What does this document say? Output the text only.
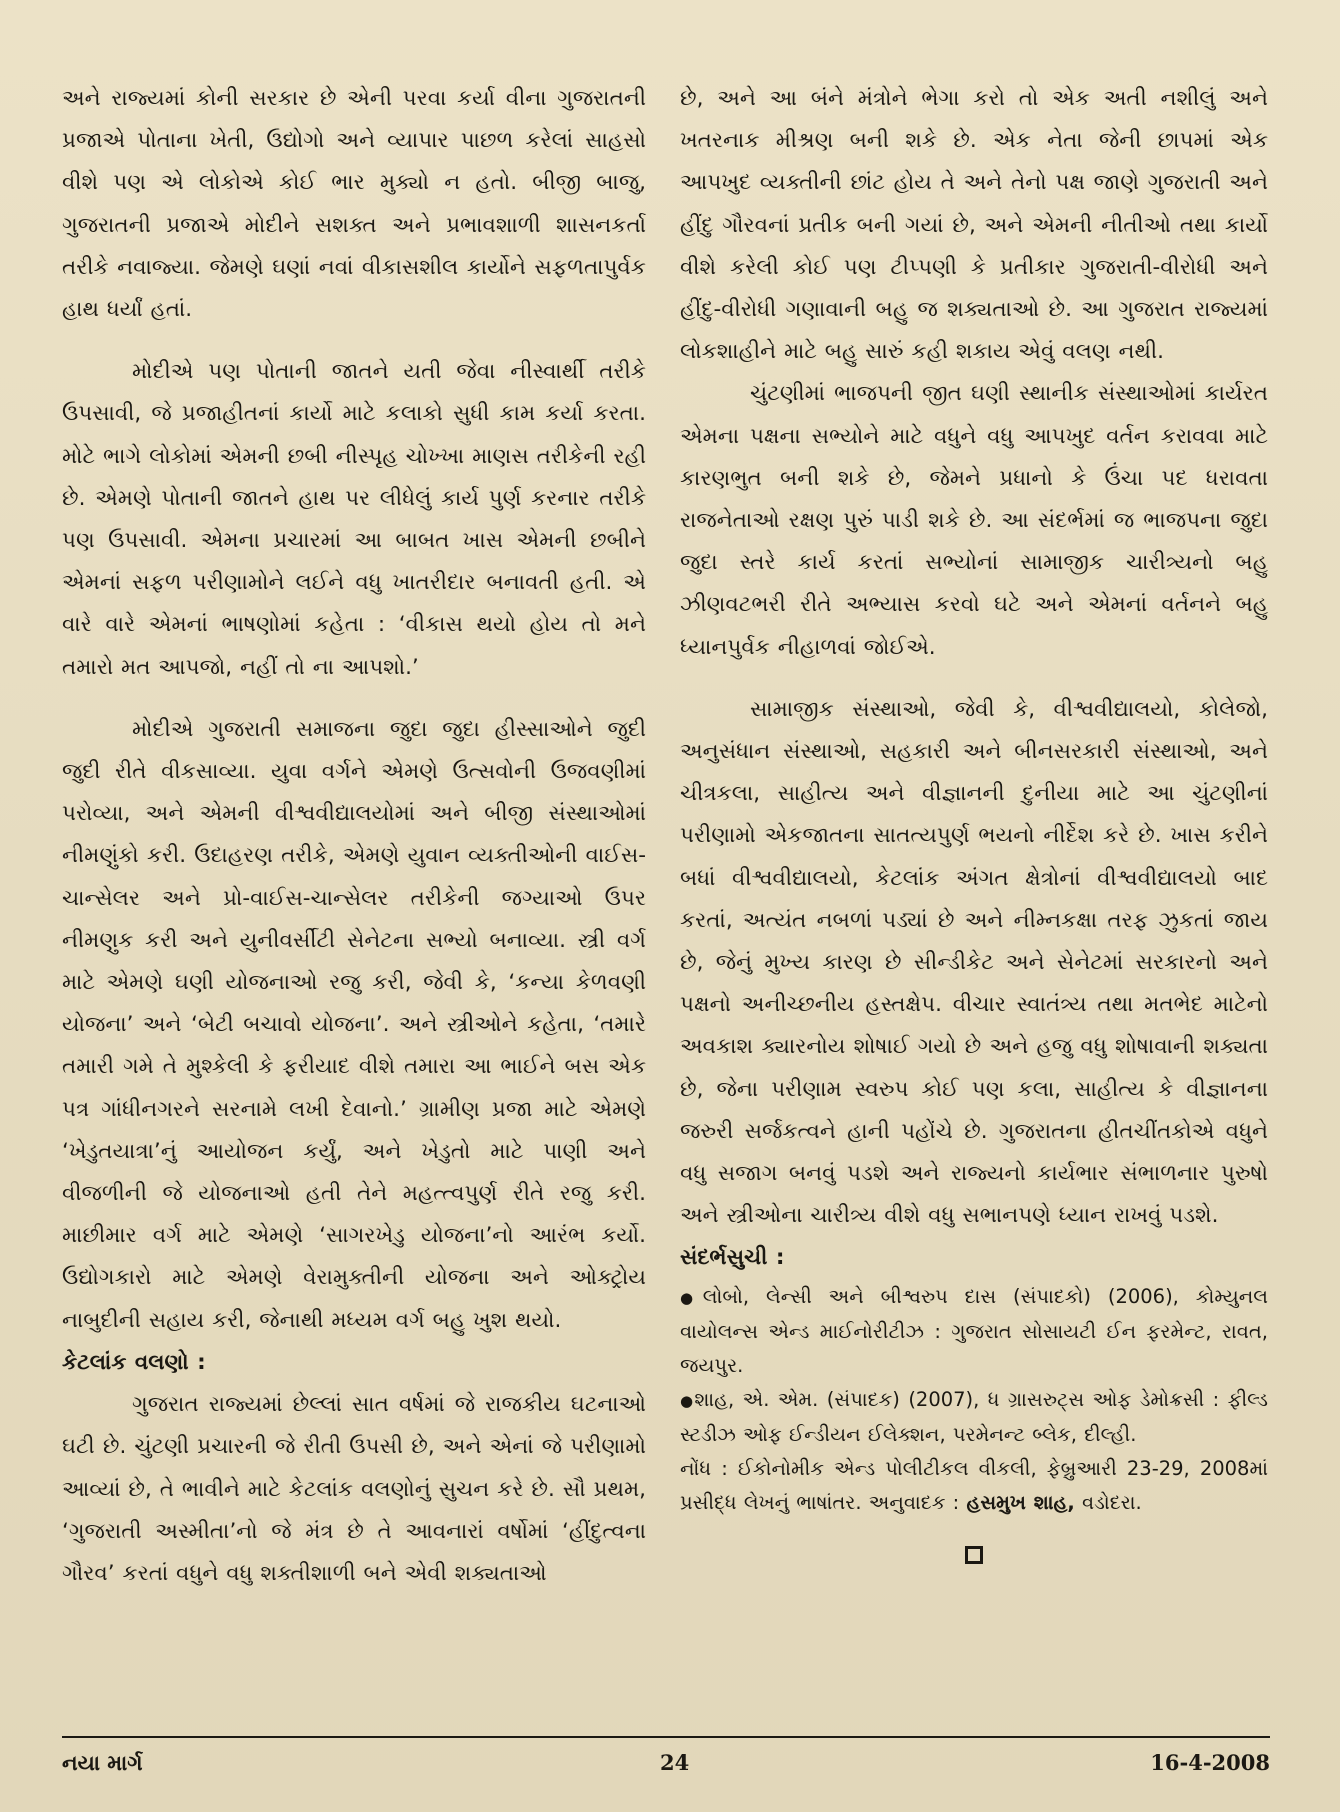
અને રાજ્યમાં કોની સરકાર છે એની પરવા કર્યા વીના ગુજરાતની પ્રજાએ પોતાના ખેતી, ઉદ્યોગો અને વ્યાપાર પાછળ કરેલાં સાહસો વીશે પણ એ લોકોએ કોઈ ભાર મુક્યો ન હતો. બીજી બાજુ, ગુજરાતની પ્રજાએ મોદીને સશક્ત અને પ્રભાવશાળી શાસનકર્તા તરીકે નવાજ્યા. જેમણે ઘણાં નવાં વીકાસશીલ કાર્યોને સફળતાપુર્વક હાથ ધર્યાં હતાં.

મોદીએ પણ પોતાની જાતને યતી જેવા નીસ્વાર્થી તરીકે ઉપસાવી, જે પ્રજાહીતનાં કાર્યો માટે કલાકો સુધી કામ કર્યા કરતા. મોટે ભાગે લોકોમાં એમની છબી નીસ્પૃહ ચોખ્ખા માણસ તરીકેની રહી છે. એમણે પોતાની જાતને હાથ પર લીધેલું કાર્ય પુર્ણ કરનાર તરીકે પણ ઉપસાવી. એમના પ્રચારમાં આ બાબત ખાસ એમની છબીને એમનાં સફળ પરીણામોને લઈને વધુ ખાતરીદાર બનાવતી હતી. એ વારે વારે એમનાં ભાષણોમાં કહેતા : ‘વીકાસ થયો હોય તો મને તમારો મત આપજો, નહીં તો ના આપશો.’

મોદીએ ગુજરાતી સમાજના જુદા જુદા હીસ્સાઓને જુદી જુદી રીતે વીકસાવ્યા. યુવા વર્ગને એમણે ઉત્સવોની ઉજવણીમાં પરોવ્યા, અને એમની વીશ્વવીદ્યાલયોમાં અને બીજી સંસ્થાઓમાં નીમણુંકો કરી. ઉદાહરણ તરીકે, એમણે યુવાન વ્યક્તીઓની વાઈસ-ચાન્સેલર અને પ્રો-વાઈસ-ચાન્સેલર તરીકેની જગ્યાઓ ઉપર નીમણુક કરી અને યુનીવર્સીટી સેનેટના સભ્યો બનાવ્યા. સ્ત્રી વર્ગ માટે એમણે ઘણી યોજનાઓ રજુ કરી, જેવી કે, ‘કન્યા કેળવણી યોજના’ અને ‘બેટી બચાવો યોજના’. અને સ્ત્રીઓને કહેતા, ‘તમારે તમારી ગમે તે મુશ્કેલી કે ફરીયાદ વીશે તમારા આ ભાઈને બસ એક પત્ર ગાંધીનગરને સરનામે લખી દેવાનો.’ ગ્રામીણ પ્રજા માટે એમણે ‘ખેડુતયાત્રા’નું આયોજન કર્યું, અને ખેડુતો માટે પાણી અને વીજળીની જે યોજનાઓ હતી તેને મહત્ત્વપુર્ણ રીતે રજુ કરી. માછીમાર વર્ગ માટે એમણે ‘સાગરખેડુ યોજના’નો આરંભ કર્યો. ઉદ્યોગકારો માટે એમણે વેરામુક્તીની યોજના અને ઓક્ટ્રોય નાબુદીની સહાય કરી, જેનાથી મધ્યમ વર્ગ બહુ ખુશ થયો.

કેટલાંક વલણો :

ગુજરાત રાજ્યમાં છેલ્લાં સાત વર્ષમાં જે રાજકીય ઘટનાઓ ઘટી છે. ચુંટણી પ્રચારની જે રીતી ઉપસી છે, અને એનાં જે પરીણામો આવ્યાં છે, તે ભાવીને માટે કેટલાંક વલણોનું સુચન કરે છે. સૌ પ્રથમ, ‘ગુજરાતી અસ્મીતા’નો જે મંત્ર છે તે આવનારાં વર્ષોમાં ‘હીંદુત્વના ગૌરવ’ કરતાં વધુને વધુ શક્તીશાળી બને એવી શક્યતાઓ

છે, અને આ બંને મંત્રોને ભેગા કરો તો એક અતી નશીલું અને ખતરનાક મીશ્રણ બની શકે છે. એક નેતા જેની છાપમાં એક આપખુદ વ્યક્તીની છાંટ હોય તે અને તેનો પક્ષ જાણે ગુજરાતી અને હીંદુ ગૌરવનાં પ્રતીક બની ગયાં છે, અને એમની નીતીઓ તથા કાર્યો વીશે કરેલી કોઈ પણ ટીપ્પણી કે પ્રતીકાર ગુજરાતી-વીરોધી અને હીંદુ-વીરોધી ગણાવાની બહુ જ શક્યતાઓ છે. આ ગુજરાત રાજ્યમાં લોકશાહીને માટે બહુ સારું કહી શકાય એવું વલણ નથી.

ચુંટણીમાં ભાજપની જીત ઘણી સ્થાનીક સંસ્થાઓમાં કાર્યરત એમના પક્ષના સભ્યોને માટે વધુને વધુ આપખુદ વર્તન કરાવવા માટે કારણભુત બની શકે છે, જેમને પ્રધાનો કે ઉંચા પદ ધરાવતા રાજનેતાઓ રક્ષણ પુરું પાડી શકે છે. આ સંદર્ભમાં જ ભાજપના જુદા જુદા સ્તરે કાર્ય કરતાં સભ્યોનાં સામાજીક ચારીત્ર્યનો બહુ ઝીણવટભરી રીતે અભ્યાસ કરવો ઘટે અને એમનાં વર્તનને બહુ ધ્યાનપુર્વક નીહાળવાં જોઈએ.

સામાજીક સંસ્થાઓ, જેવી કે, વીશ્વવીદ્યાલયો, કોલેજો, અનુસંધાન સંસ્થાઓ, સહકારી અને બીનસરકારી સંસ્થાઓ, અને ચીત્રકલા, સાહીત્ય અને વીજ્ઞાનની દુનીયા માટે આ ચુંટણીનાં પરીણામો એકજાતના સાતત્યપુર્ણ ભયનો નીર્દેશ કરે છે. ખાસ કરીને બધાં વીશ્વવીદ્યાલયો, કેટલાંક અંગત ક્ષેત્રોનાં વીશ્વવીદ્યાલયો બાદ કરતાં, અત્યંત નબળાં પડ્યાં છે અને નીમ્નકક્ષા તરફ ઝુકતાં જાય છે, જેનું મુખ્ય કારણ છે સીન્ડીકેટ અને સેનેટમાં સરકારનો અને પક્ષનો અનીચ્છનીય હસ્તક્ષેપ. વીચાર સ્વાતંત્ર્ય તથા મતભેદ માટેનો અવકાશ ક્યારનોય શોષાઈ ગયો છે અને હજુ વધુ શોષાવાની શક્યતા છે, જેના પરીણામ સ્વરુપ કોઈ પણ કલા, સાહીત્ય કે વીજ્ઞાનના જરુરી સર્જકત્વને હાની પહોંચે છે. ગુજરાતના હીતચીંતકોએ વધુને વધુ સજાગ બનવું પડશે અને રાજ્યનો કાર્યભાર સંભાળનાર પુરુષો અને સ્ત્રીઓના ચારીત્ર્ય વીશે વધુ સભાનપણે ધ્યાન રાખવું પડશે.

સંદર્ભસુચી :

●લોબો, લેન્સી અને બીશ્વરુપ દાસ (સંપાદકો) (2006), કોમ્યુનલ વાયોલન્સ એન્ડ માઈનોરીટીઝ : ગુજરાત સોસાયટી ઈન ફરમેન્ટ, રાવત, જયપુર.

●શાહ, એ. એમ. (સંપાદક) (2007), ધ ગ્રાસરુટ્સ ઓફ ડેમોક્રસી : ફીલ્ડ સ્ટડીઝ ઓફ ઈન્ડીયન ઈલેક્શન, પરમેનન્ટ બ્લેક, દીલ્હી.

નોંધ : ઈકોનોમીક એન્ડ પોલીટીકલ વીકલી, ફેબ્રુઆરી 23-29, 2008માં પ્રસીદ્ધ લેખનું ભાષાંતર. અનુવાદક : હસમુખ શાહ, વડોદરા.

નયા માર્ગ	24	16-4-2008
